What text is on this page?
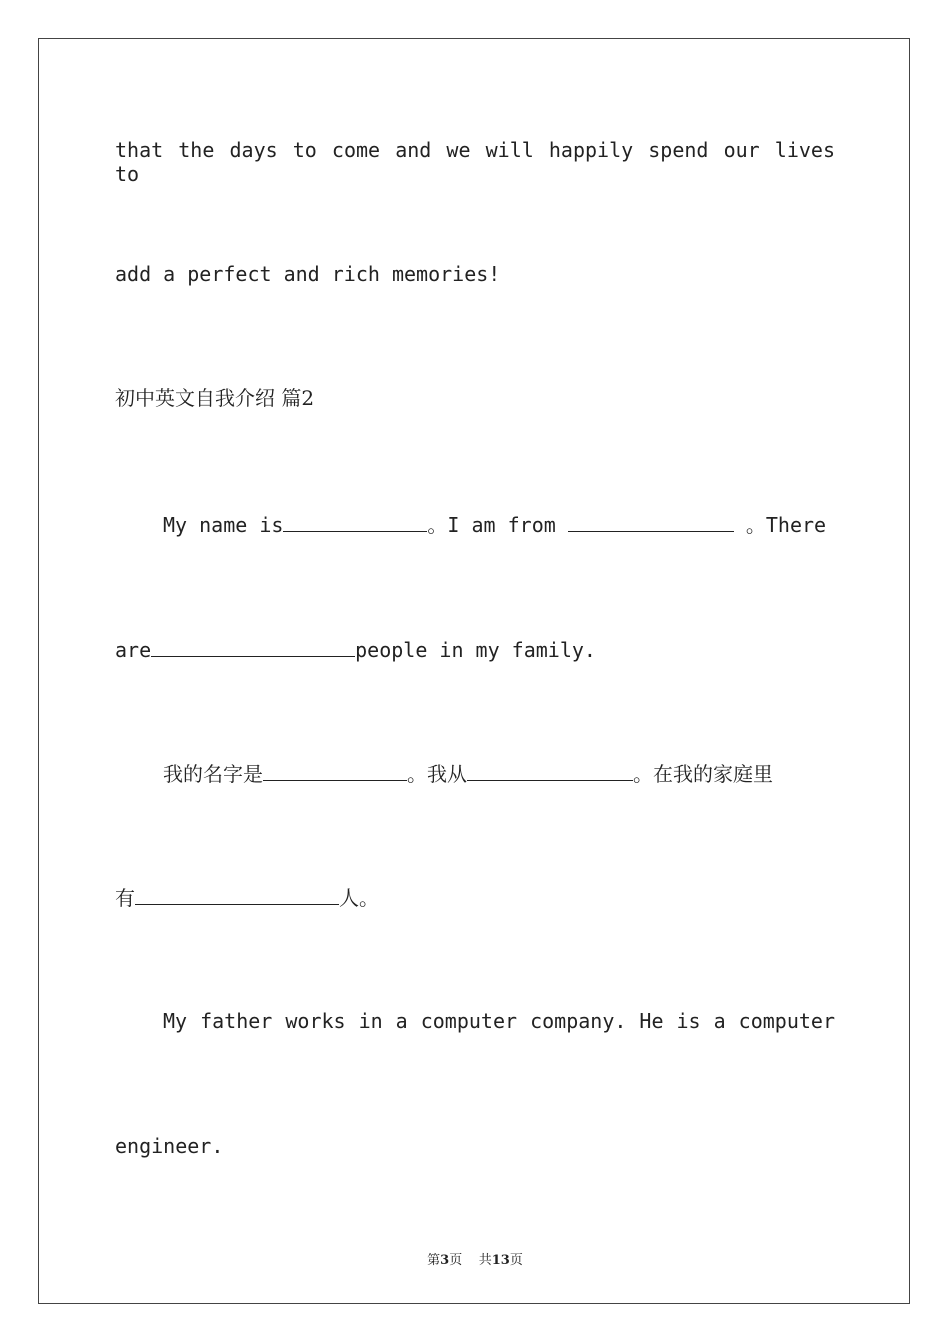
that the days to come and we will happily spend our lives to

add a perfect and rich memories!

初中英文自我介绍 篇2

My name is	。I am from	。There

are	people in my family.

我的名字是	。我从	。在我的家庭里

有	人。

My father works in a computer company. He is a computer

engineer.

第3页 共13页
